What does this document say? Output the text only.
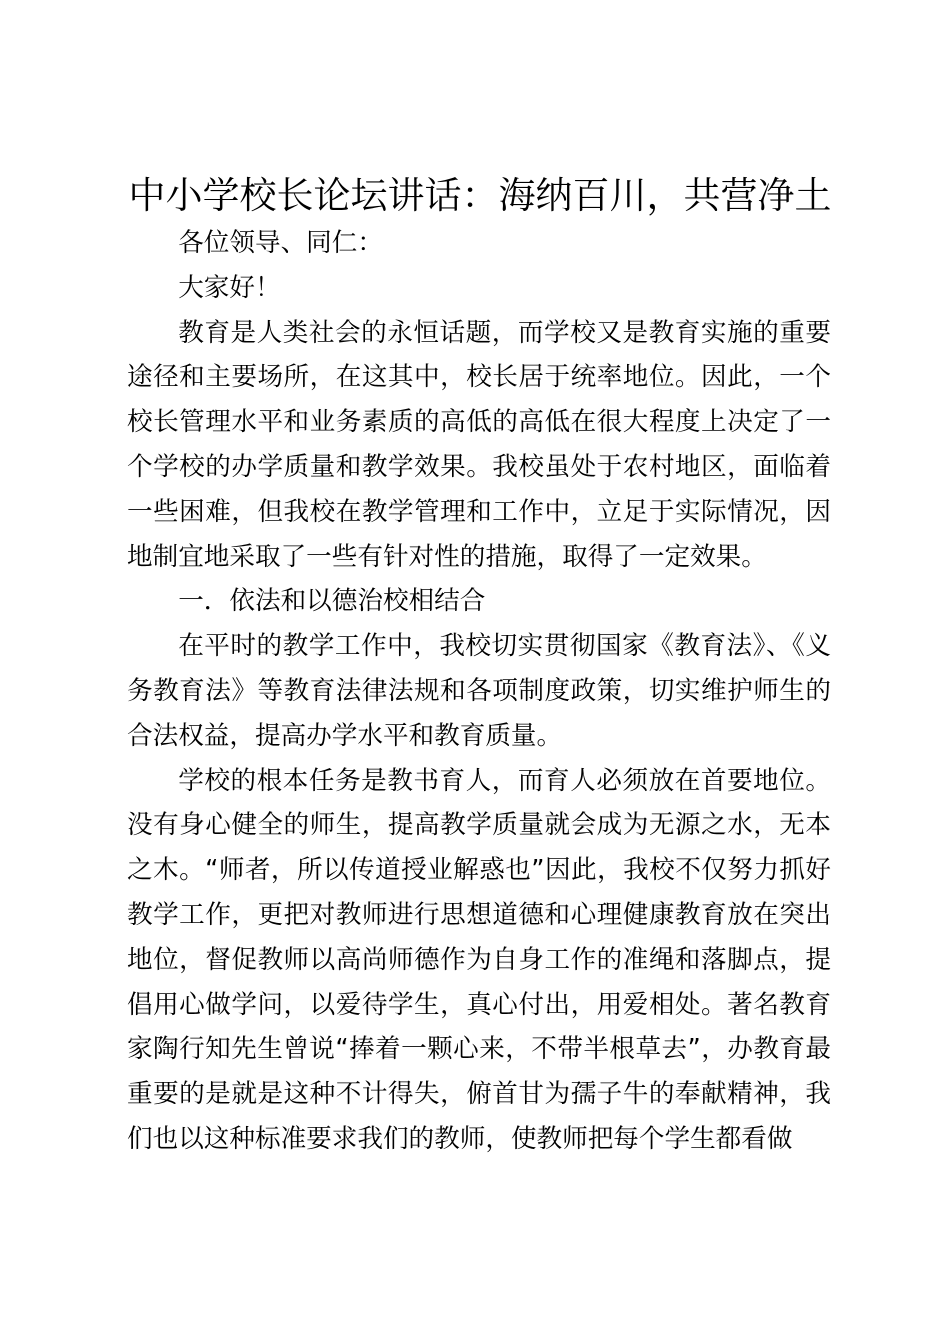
中小学校长论坛讲话：海纳百川，共营净土

各位领导、同仁：

大家好！

教育是人类社会的永恒话题，而学校又是教育实施的重要途径和主要场所，在这其中，校长居于统率地位。因此，一个校长管理水平和业务素质的高低的高低在很大程度上决定了一个学校的办学质量和教学效果。我校虽处于农村地区，面临着一些困难，但我校在教学管理和工作中，立足于实际情况，因地制宜地采取了一些有针对性的措施，取得了一定效果。

一．依法和以德治校相结合

在平时的教学工作中，我校切实贯彻国家《教育法》、《义务教育法》等教育法律法规和各项制度政策，切实维护师生的合法权益，提高办学水平和教育质量。

学校的根本任务是教书育人，而育人必须放在首要地位。没有身心健全的师生，提高教学质量就会成为无源之水，无本之木。“师者，所以传道授业解惑也”因此，我校不仅努力抓好教学工作，更把对教师进行思想道德和心理健康教育放在突出地位，督促教师以高尚师德作为自身工作的准绳和落脚点，提倡用心做学问，以爱待学生，真心付出，用爱相处。著名教育家陶行知先生曾说“捧着一颗心来，不带半根草去”，办教育最重要的是就是这种不计得失，俯首甘为孺子牛的奉献精神，我们也以这种标准要求我们的教师，使教师把每个学生都看做
